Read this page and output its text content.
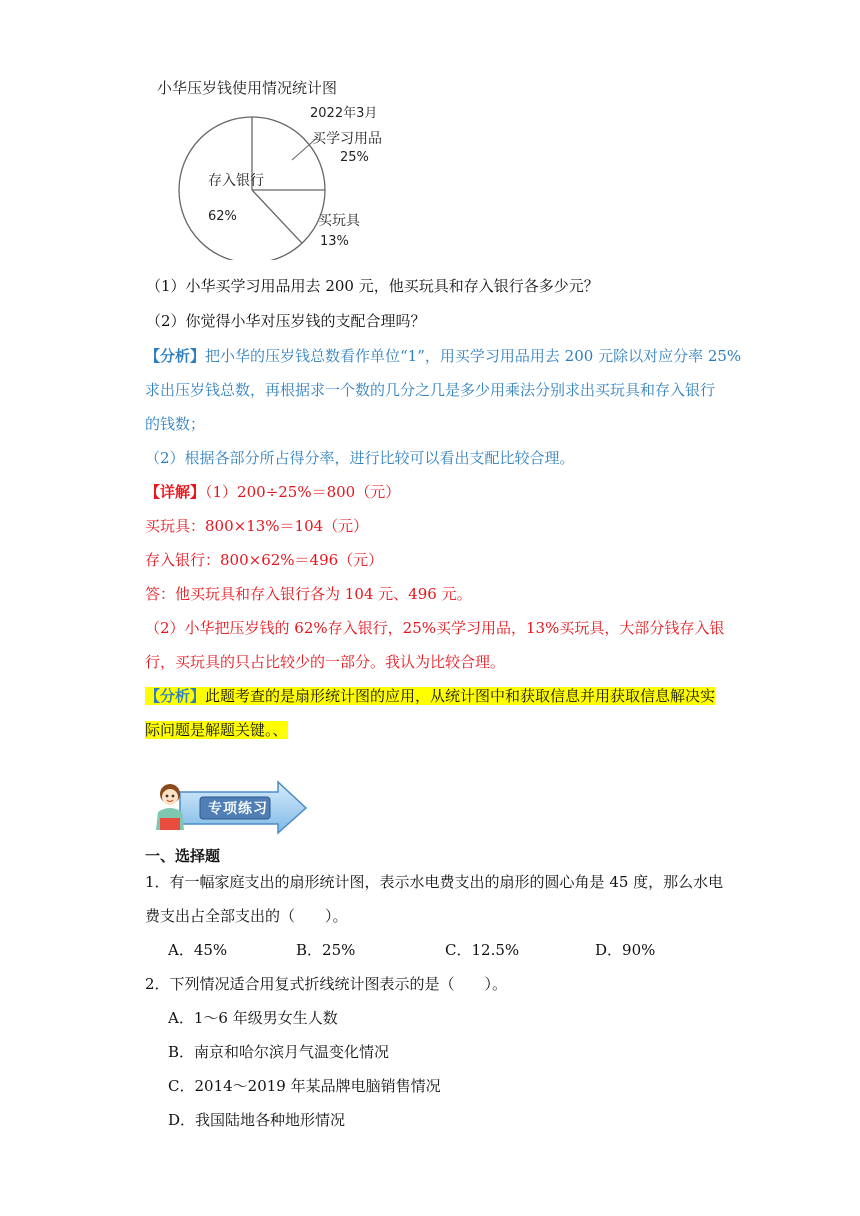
小华压岁钱使用情况统计图
2022年3月
存入银行
62%
买学习用品
25%
买玩具
13%
（1）小华买学习用品用去 200 元，他买玩具和存入银行各多少元？
（2）你觉得小华对压岁钱的支配合理吗？
【分析】把小华的压岁钱总数看作单位“1”，用买学习用品用去 200 元除以对应分率 25%
求出压岁钱总数，再根据求一个数的几分之几是多少用乘法分别求出买玩具和存入银行
的钱数；
（2）根据各部分所占得分率，进行比较可以看出支配比较合理。
【详解】（1）200÷25%＝800（元）
买玩具：800×13%＝104（元）
存入银行：800×62%＝496（元）
答：他买玩具和存入银行各为 104 元、496 元。
（2）小华把压岁钱的 62%存入银行，25%买学习用品，13%买玩具，大部分钱存入银
行，买玩具的只占比较少的一部分。我认为比较合理。
【分析】此题考查的是扇形统计图的应用，从统计图中和获取信息并用获取信息解决实
际问题是解题关键。、
专项练习
一、选择题
1．有一幅家庭支出的扇形统计图，表示水电费支出的扇形的圆心角是 45 度，那么水电
费支出占全部支出的（　　）。
A．45%	B．25%	C．12.5%	D．90%
2．下列情况适合用复式折线统计图表示的是（　　）。
A．1～6 年级男女生人数
B．南京和哈尔滨月气温变化情况
C．2014～2019 年某品牌电脑销售情况
D．我国陆地各种地形情况
